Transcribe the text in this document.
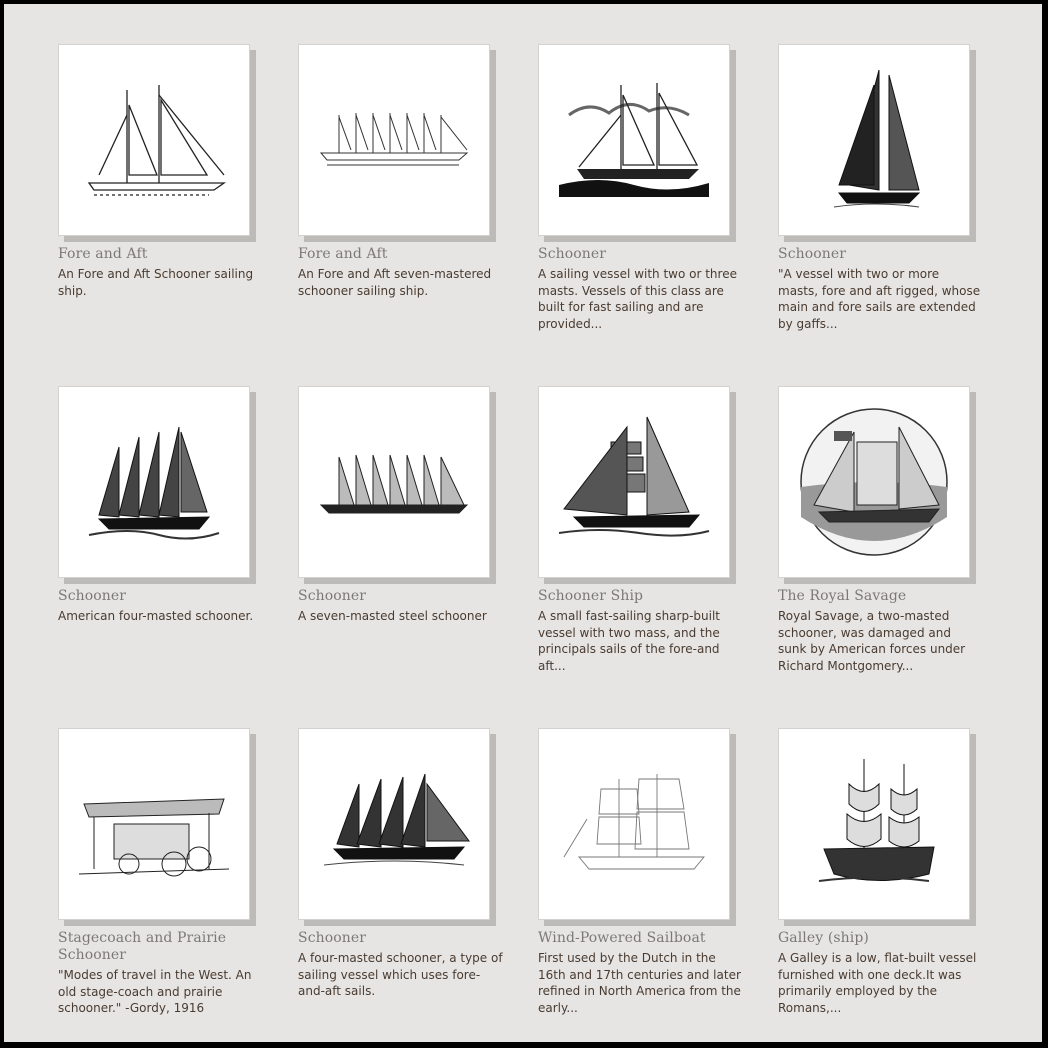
Fore and Aft
An Fore and Aft Schooner sailing ship.
Fore and Aft
An Fore and Aft seven-mastered schooner sailing ship.
Schooner
A sailing vessel with two or three masts. Vessels of this class are built for fast sailing and are provided...
Schooner
"A vessel with two or more masts, fore and aft rigged, whose main and fore sails are extended by gaffs...
Schooner
American four-masted schooner.
Schooner
A seven-masted steel schooner
Schooner Ship
A small fast-sailing sharp-built vessel with two mass, and the principals sails of the fore-and aft...
The Royal Savage
Royal Savage, a two-masted schooner, was damaged and sunk by American forces under Richard Montgomery...
Stagecoach and Prairie Schooner
"Modes of travel in the West. An old stage-coach and prairie schooner." -Gordy, 1916
Schooner
A four-masted schooner, a type of sailing vessel which uses fore-and-aft sails.
Wind-Powered Sailboat
First used by the Dutch in the 16th and 17th centuries and later refined in North America from the early...
Galley (ship)
A Galley is a low, flat-built vessel furnished with one deck.It was primarily employed by the Romans,...
